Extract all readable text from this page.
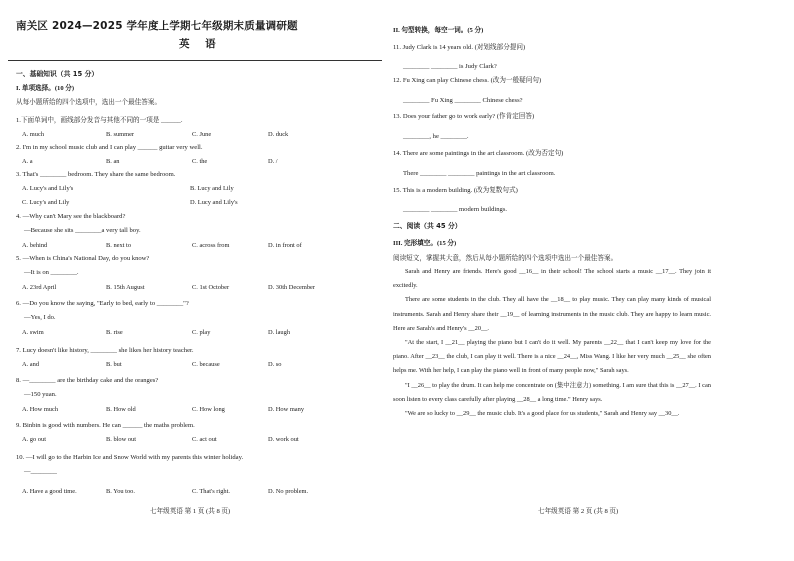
南关区 2024—2025 学年度上学期七年级期末质量调研题
英 语
一、基础知识（共 15 分）
I. 单项选择。(10 分)
从每小题所给的四个选项中，选出一个最佳答案。
1.下面单词中，画线部分发音与其他不同的一项是 ______.
A. much	B. summer	C. June	D. duck
2. I'm in my school music club and I can play ______ guitar very well.
A. a	B. an	C. the	D. /
3. That's ________ bedroom. They share the same bedroom.
A. Lucy's and Lily's	B. Lucy and Lily
C. Lucy's and Lily	D. Lucy and Lily's
4. —Why can't Mary see the blackboard?
—Because she sits ________a very tall boy.
A. behind	B. next to	C. across from	D. in front of
5. —When is China's National Day, do you know?
—It is on ________.
A. 23rd April	B. 15th August	C. 1st October	D. 30th December
6. —Do you know the saying, "Early to bed, early to ________"?
—Yes, I do.
A. swim	B. rise	C. play	D. laugh
7. Lucy doesn't like history, ________ she likes her history teacher.
A. and	B. but	C. because	D. so
8. —________ are the birthday cake and the oranges?
—150 yuan.
A. How much	B. How old	C. How long	D. How many
9. Binbin is good with numbers. He can ______ the maths problem.
A. go out	B. blow out	C. act out	D. work out
10. —I will go to the Harbin Ice and Snow World with my parents this winter holiday.
—________
A. Have a good time.	B. You too.	C. That's right.	D. No problem.
七年级英语 第 1 页 (共 8 页)
II. 句型转换，每空一词。(5 分)
11. Judy Clark is 14 years old. (对划线部分提问)
________ ________ is Judy Clark?
12. Fu Xing can play Chinese chess. (改为一般疑问句)
________ Fu Xing ________ Chinese chess?
13. Does your father go to work early? (作肯定回答)
________, he ________.
14. There are some paintings in the art classroom. (改为否定句)
There ________ ________ paintings in the art classroom.
15. This is a modern building. (改为复数句式)
________ ________ modern buildings.
二、阅读（共 45 分）
III. 完形填空。(15 分)
阅读短文，掌握其大意，然后从每小题所给的四个选项中选出一个最佳答案。

Sarah and Henry are friends. Here's good __16__ in their school! The school starts a music __17__. They join it excitedly.

There are some students in the club. They all have the __18__ to play music. They can play many kinds of musical instruments. Sarah and Henry share their __19__ of learning instruments in the music club. They are happy to learn music. Here are Sarah's and Henry's __20__.

"At the start, I __21__ playing the piano but I can't do it well. My parents __22__ that I can't keep my love for the piano. After __23__ the club, I can play it well. There is a nice __24__, Miss Wang. I like her very much __25__ she often helps me. With her help, I can play the piano well in front of many people now," Sarah says.

"I __26__ to play the drum. It can help me concentrate on (集中注意力) something. I am sure that this is __27__. I can soon listen to every class carefully after playing __28__ a long time." Henry says.

"We are so lucky to __29__ the music club. It's a good place for us students," Sarah and Henry say __30__.

七年级英语 第 2 页 (共 8 页)
